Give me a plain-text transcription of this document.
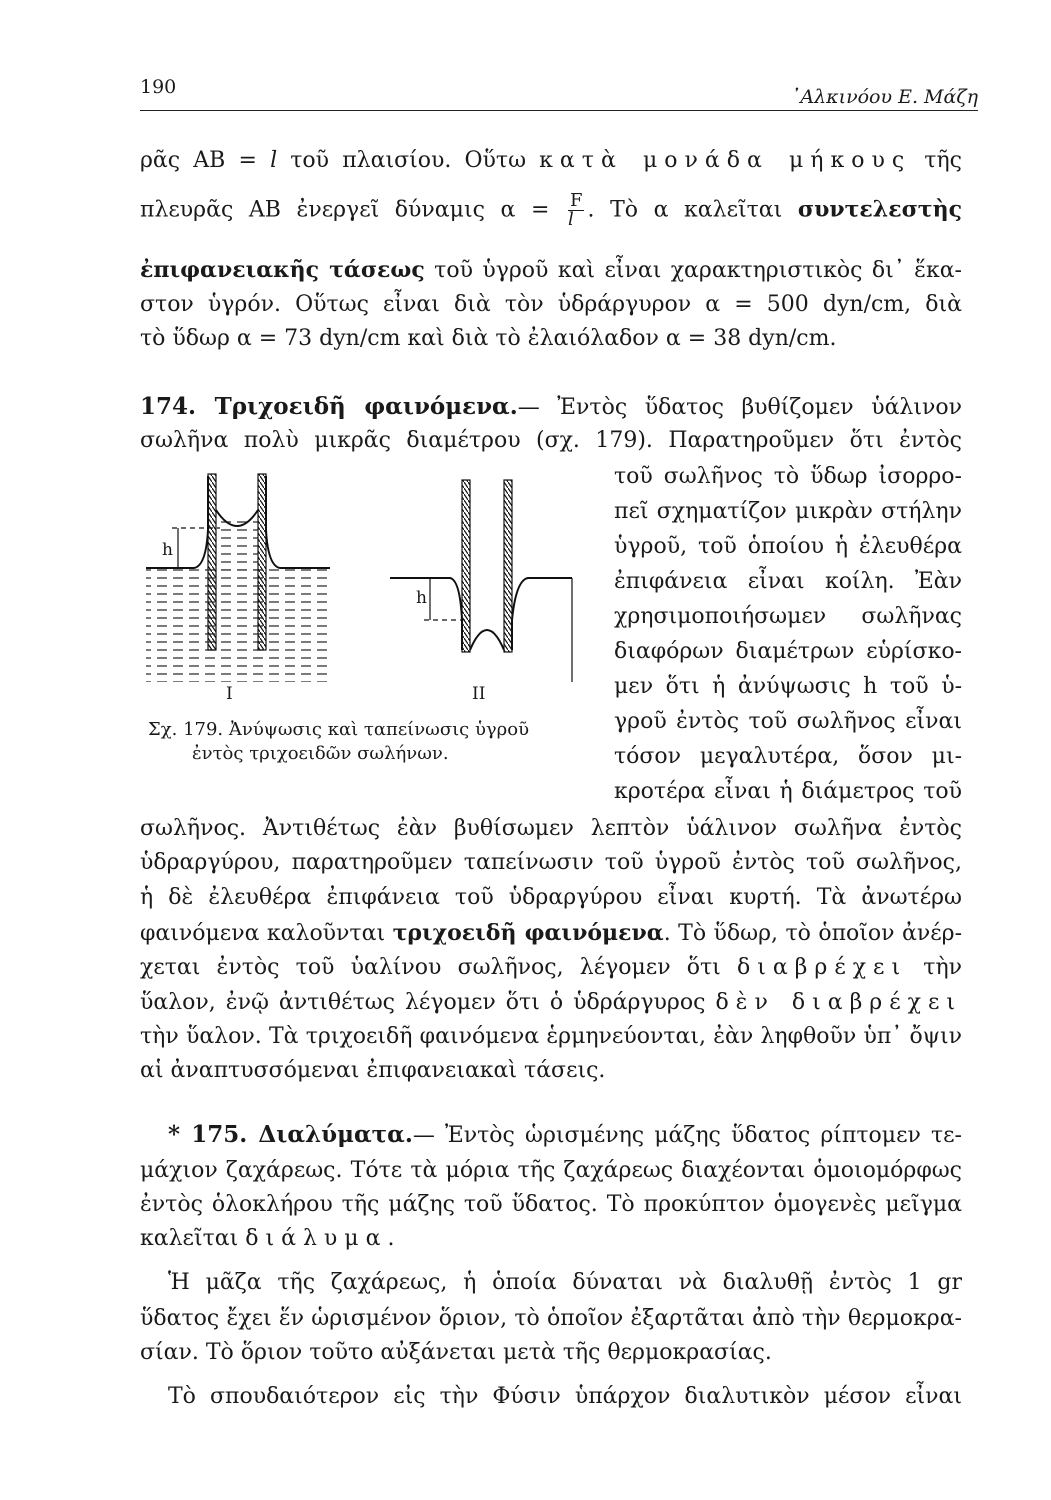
190	᾿Αλκινόου Ε. Μάζη
ρᾶς AB = l τοῦ πλαισίου. Οὕτω κατὰ μονάδα μήκους τῆς
πλευρᾶς AB ἐνεργεῖ δύναμις $\alpha = \frac{F}{l}$ . Τὸ α καλεῖται συντελεστὴς
ἐπιφανειακῆς τάσεως τοῦ ὑγροῦ καὶ εἶναι χαρακτηριστικὸς δι᾿ ἕκα-
στον ὑγρόν. Οὕτως εἶναι διὰ τὸν ὑδράργυρον α = 500 dyn/cm, διὰ
τὸ ὕδωρ α = 73 dyn/cm καὶ διὰ τὸ ἐλαιόλαδον α = 38 dyn/cm.
174. Τριχοειδῆ φαινόμενα.— Ἐντὸς ὕδατος βυθίζομεν ὑάλινον
σωλῆνα πολὺ μικρᾶς διαμέτρου (σχ. 179). Παρατηροῦμεν ὅτι ἐντὸς
τοῦ σωλῆνος τὸ ὕδωρ ἰσορρο-
πεῖ σχηματίζον μικρὰν στήλην
ὑγροῦ, τοῦ ὁποίου ἡ ἐλευθέρα
ἐπιφάνεια εἶναι κοίλη. Ἐὰν
χρησιμοποιήσωμεν σωλῆνας
διαφόρων διαμέτρων εὑρίσκο-
μεν ὅτι ἡ ἀνύψωσις h τοῦ ὑ-
γροῦ ἐντὸς τοῦ σωλῆνος εἶναι
τόσον μεγαλυτέρα, ὅσον μι-
κροτέρα εἶναι ἡ διάμετρος τοῦ
h
h
I	II
Σχ. 179. Ἀνύψωσις καὶ ταπείνωσις ὑγροῦ
ἐντὸς τριχοειδῶν σωλήνων.
σωλῆνος. Ἀντιθέτως ἐὰν βυθίσωμεν λεπτὸν ὑάλινον σωλῆνα ἐντὸς
ὑδραργύρου, παρατηροῦμεν ταπείνωσιν τοῦ ὑγροῦ ἐντὸς τοῦ σωλῆνος,
ἡ δὲ ἐλευθέρα ἐπιφάνεια τοῦ ὑδραργύρου εἶναι κυρτή. Τὰ ἀνωτέρω
φαινόμενα καλοῦνται τριχοειδῆ φαινόμενα. Τὸ ὕδωρ, τὸ ὁποῖον ἀνέρ-
χεται ἐντὸς τοῦ ὑαλίνου σωλῆνος, λέγομεν ὅτι διαβρέχει τὴν
ὕαλον, ἐνῷ ἀντιθέτως λέγομεν ὅτι ὁ ὑδράργυρος δὲν διαβρέχει
τὴν ὕαλον. Τὰ τριχοειδῆ φαινόμενα ἑρμηνεύονται, ἐὰν ληφθοῦν ὑπ᾿ ὄψιν
αἱ ἀναπτυσσόμεναι ἐπιφανειακαὶ τάσεις.
* 175. Διαλύματα.— Ἐντὸς ὡρισμένης μάζης ὕδατος ρίπτομεν τε-
μάχιον ζαχάρεως. Τότε τὰ μόρια τῆς ζαχάρεως διαχέονται ὁμοιομόρφως
ἐντὸς ὁλοκλήρου τῆς μάζης τοῦ ὕδατος. Τὸ προκύπτον ὁμογενὲς μεῖγμα
καλεῖται διάλυμα.
Ἡ μᾶζα τῆς ζαχάρεως, ἡ ὁποία δύναται νὰ διαλυθῇ ἐντὸς 1 gr
ὕδατος ἔχει ἕν ὡρισμένον ὅριον, τὸ ὁποῖον ἐξαρτᾶται ἀπὸ τὴν θερμοκρα-
σίαν. Τὸ ὅριον τοῦτο αὐξάνεται μετὰ τῆς θερμοκρασίας.
Τὸ σπουδαιότερον εἰς τὴν Φύσιν ὑπάρχον διαλυτικὸν μέσον εἶναι
